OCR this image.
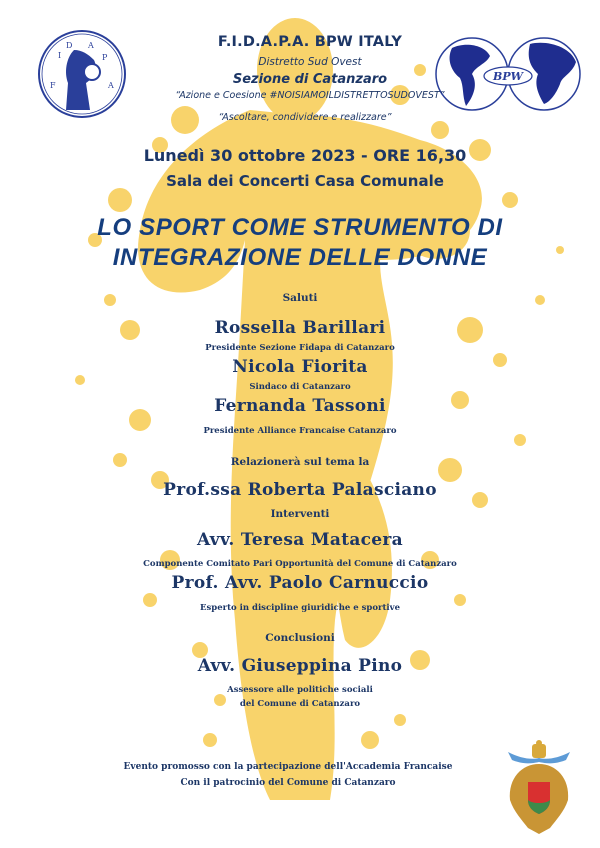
F
I
D A
P
A
BPW
F.I.D.A.P.A. BPW ITALY
Distretto Sud Ovest
Sezione di Catanzaro
“Azione e Coesione #NOISIAMOILDISTRETTOSUDOVEST”
“Ascoltare, condividere e realizzare”
Lunedì 30 ottobre 2023 - ORE 16,30
Sala dei Concerti Casa Comunale
LO SPORT COME STRUMENTO DI
INTEGRAZIONE DELLE DONNE
Saluti
Rossella Barillari
Presidente Sezione Fidapa di Catanzaro
Nicola Fiorita
Sindaco di Catanzaro
Fernanda Tassoni
Presidente Alliance Francaise Catanzaro
Relazionerà sul tema la
Prof.ssa Roberta Palasciano
Interventi
Avv. Teresa Matacera
Componente Comitato Pari Opportunità del Comune di Catanzaro
Prof. Avv. Paolo Carnuccio
Esperto in discipline giuridiche e sportive
Conclusioni
Avv. Giuseppina Pino
Assessore alle politiche sociali
del Comune di Catanzaro
Evento promosso con la partecipazione dell'Accademia Francaise
Con il patrocinio del Comune di Catanzaro
